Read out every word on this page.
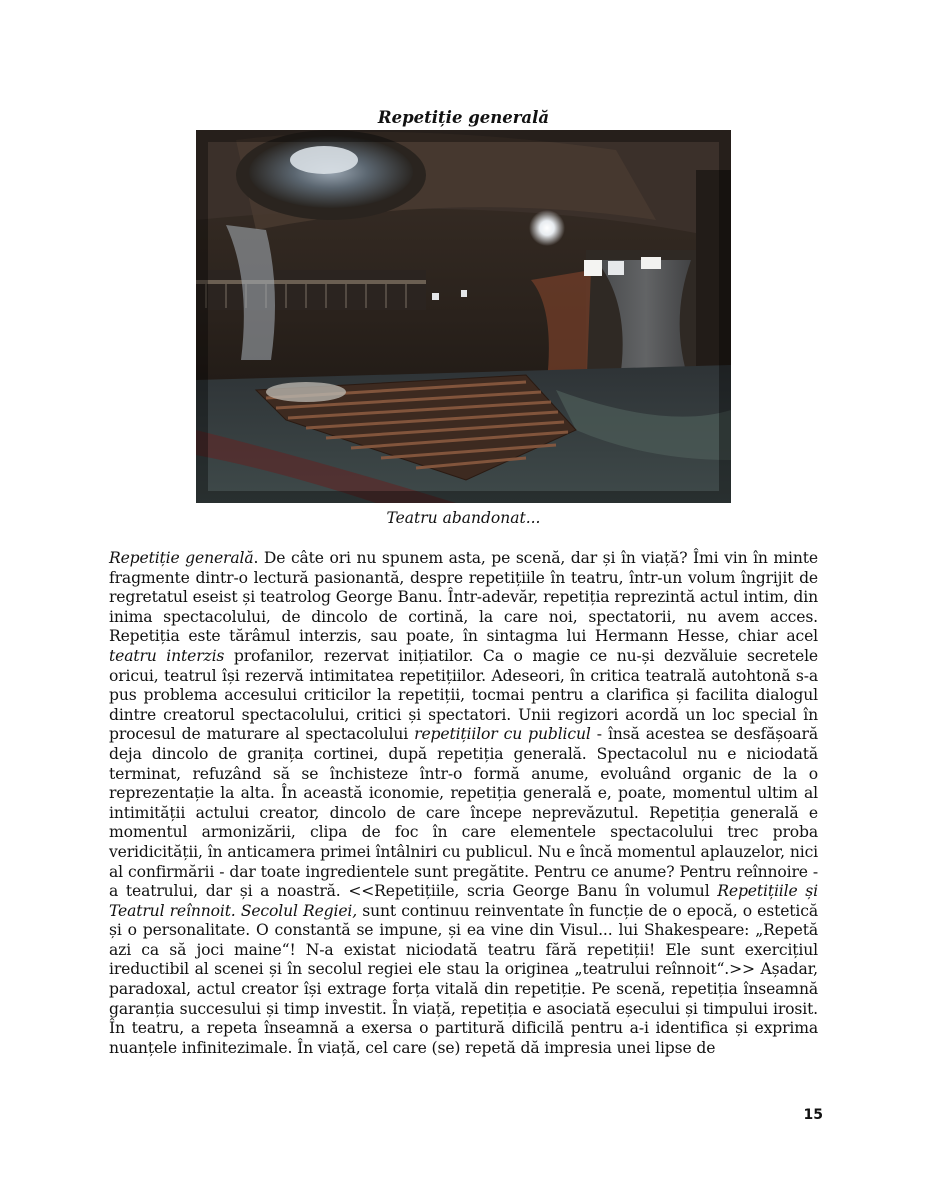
Repetiție generală
Teatru abandonat...

Repetiție generală. De câte ori nu spunem asta, pe scenă, dar și în viață? Îmi vin în minte fragmente dintr-o lectură pasionantă, despre repetițiile în teatru, într-un volum îngrijit de regretatul eseist și teatrolog George Banu. Într-adevăr, repetiția reprezintă actul intim, din inima spectacolului, de dincolo de cortină, la care noi, spectatorii, nu avem acces. Repetiția este tărâmul interzis, sau poate, în sintagma lui Hermann Hesse, chiar acel teatru interzis profanilor, rezervat inițiatilor. Ca o magie ce nu-și dezvăluie secretele oricui, teatrul își rezervă intimitatea repetițiilor. Adeseori, în critica teatrală autohtonă s-a pus problema accesului criticilor la repetiții, tocmai pentru a clarifica și facilita dialogul dintre creatorul spectacolului, critici și spectatori. Unii regizori acordă un loc special în procesul de maturare al spectacolului repetițiilor cu publicul - însă acestea se desfășoară deja dincolo de granița cortinei, după repetiția generală. Spectacolul nu e niciodată terminat, refuzând să se închisteze într-o formă anume, evoluând organic de la o reprezentație la alta. În această iconomie, repetiția generală e, poate, momentul ultim al intimității actului creator, dincolo de care începe neprevăzutul. Repetiția generală e momentul armonizării, clipa de foc în care elementele spectacolului trec proba veridicității, în anticamera primei întâlniri cu publicul. Nu e încă momentul aplauzelor, nici al confirmării - dar toate ingredientele sunt pregătite. Pentru ce anume? Pentru reînnoire - a teatrului, dar și a noastră. <<Repetițiile, scria George Banu în volumul Repetițiile și Teatrul reînnoit. Secolul Regiei, sunt continuu reinventate în funcție de o epocă, o estetică și o personalitate. O constantă se impune, și ea vine din Visul... lui Shakespeare: „Repetă azi ca să joci maine“! N-a existat niciodată teatru fără repetiții! Ele sunt exercițiul ireductibil al scenei și în secolul regiei ele stau la originea „teatrului reînnoit“.>> Așadar, paradoxal, actul creator își extrage forța vitală din repetiție. Pe scenă, repetiția înseamnă garanția succesului și timp investit. În viață, repetiția e asociată eșecului și timpului irosit. În teatru, a repeta înseamnă a exersa o partitură dificilă pentru a-i identifica și exprima nuanțele infinitezimale. În viață, cel care (se) repetă dă impresia unei lipse de

15
